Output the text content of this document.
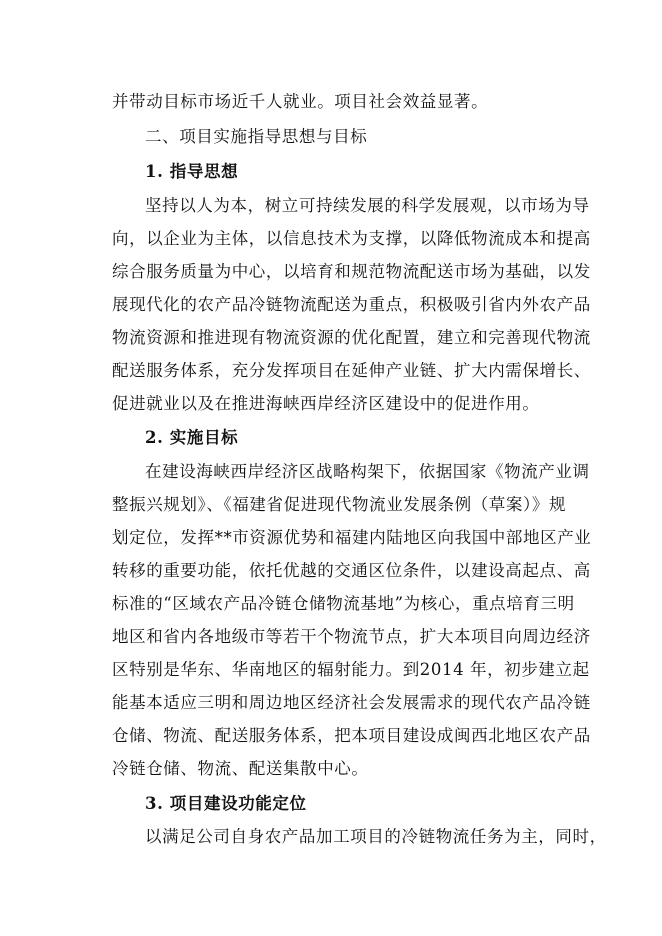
并带动目标市场近千人就业。项目社会效益显著。
二、项目实施指导思想与目标
1. 指导思想
坚持以人为本，树立可持续发展的科学发展观，以市场为导
向，以企业为主体，以信息技术为支撑，以降低物流成本和提高
综合服务质量为中心，以培育和规范物流配送市场为基础，以发
展现代化的农产品冷链物流配送为重点，积极吸引省内外农产品
物流资源和推进现有物流资源的优化配置，建立和完善现代物流
配送服务体系，充分发挥项目在延伸产业链、扩大内需保增长、
促进就业以及在推进海峡西岸经济区建设中的促进作用。
2. 实施目标
在建设海峡西岸经济区战略构架下，依据国家《物流产业调
整振兴规划》、《福建省促进现代物流业发展条例（草案）》规
划定位，发挥**市资源优势和福建内陆地区向我国中部地区产业
转移的重要功能，依托优越的交通区位条件，以建设高起点、高
标准的“区域农产品冷链仓储物流基地”为核心，重点培育三明
地区和省内各地级市等若干个物流节点，扩大本项目向周边经济
区特别是华东、华南地区的辐射能力。到2014 年，初步建立起
能基本适应三明和周边地区经济社会发展需求的现代农产品冷链
仓储、物流、配送服务体系，把本项目建设成闽西北地区农产品
冷链仓储、物流、配送集散中心。
3. 项目建设功能定位
以满足公司自身农产品加工项目的冷链物流任务为主，同时，
